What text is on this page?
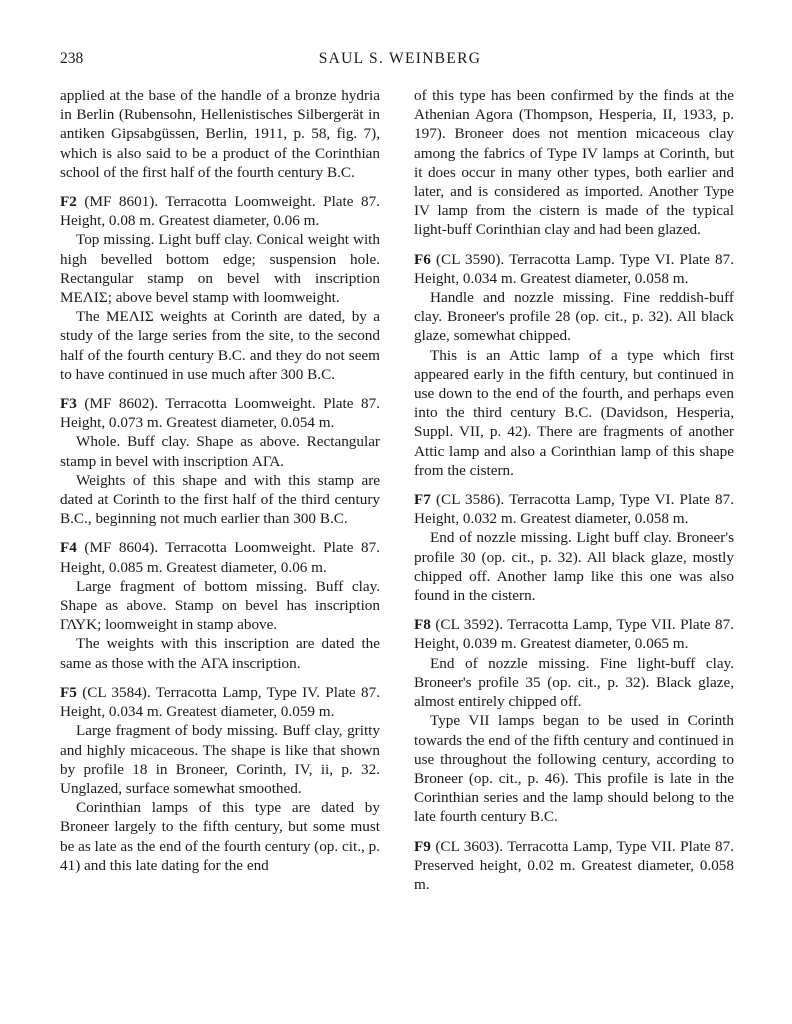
238	SAUL S. WEINBERG

applied at the base of the handle of a bronze hydria in Berlin (Rubensohn, Hellenistisches Silbergerät in antiken Gipsabgüssen, Berlin, 1911, p. 58, fig. 7), which is also said to be a product of the Corinthian school of the first half of the fourth century B.C.

F2 (MF 8601). Terracotta Loomweight. Plate 87. Height, 0.08 m. Greatest diameter, 0.06 m.

Top missing. Light buff clay. Conical weight with high bevelled bottom edge; suspension hole. Rectangular stamp on bevel with inscription ΜΕΛΙΣ; above bevel stamp with loomweight.

The ΜΕΛΙΣ weights at Corinth are dated, by a study of the large series from the site, to the second half of the fourth century B.C. and they do not seem to have continued in use much after 300 B.C.

F3 (MF 8602). Terracotta Loomweight. Plate 87. Height, 0.073 m. Greatest diameter, 0.054 m.

Whole. Buff clay. Shape as above. Rectangular stamp in bevel with inscription ΑΓΑ.

Weights of this shape and with this stamp are dated at Corinth to the first half of the third century B.C., beginning not much earlier than 300 B.C.

F4 (MF 8604). Terracotta Loomweight. Plate 87. Height, 0.085 m. Greatest diameter, 0.06 m.

Large fragment of bottom missing. Buff clay. Shape as above. Stamp on bevel has inscription ΓΛΥΚ; loomweight in stamp above.

The weights with this inscription are dated the same as those with the ΑΓΑ inscription.

F5 (CL 3584). Terracotta Lamp, Type IV. Plate 87. Height, 0.034 m. Greatest diameter, 0.059 m.

Large fragment of body missing. Buff clay, gritty and highly micaceous. The shape is like that shown by profile 18 in Broneer, Corinth, IV, ii, p. 32. Unglazed, surface somewhat smoothed.

Corinthian lamps of this type are dated by Broneer largely to the fifth century, but some must be as late as the end of the fourth century (op. cit., p. 41) and this late dating for the end

of this type has been confirmed by the finds at the Athenian Agora (Thompson, Hesperia, II, 1933, p. 197). Broneer does not mention micaceous clay among the fabrics of Type IV lamps at Corinth, but it does occur in many other types, both earlier and later, and is considered as imported. Another Type IV lamp from the cistern is made of the typical light-buff Corinthian clay and had been glazed.

F6 (CL 3590). Terracotta Lamp. Type VI. Plate 87. Height, 0.034 m. Greatest diameter, 0.058 m.

Handle and nozzle missing. Fine reddish-buff clay. Broneer's profile 28 (op. cit., p. 32). All black glaze, somewhat chipped.

This is an Attic lamp of a type which first appeared early in the fifth century, but continued in use down to the end of the fourth, and perhaps even into the third century B.C. (Davidson, Hesperia, Suppl. VII, p. 42). There are fragments of another Attic lamp and also a Corinthian lamp of this shape from the cistern.

F7 (CL 3586). Terracotta Lamp, Type VI. Plate 87. Height, 0.032 m. Greatest diameter, 0.058 m.

End of nozzle missing. Light buff clay. Broneer's profile 30 (op. cit., p. 32). All black glaze, mostly chipped off. Another lamp like this one was also found in the cistern.

F8 (CL 3592). Terracotta Lamp, Type VII. Plate 87. Height, 0.039 m. Greatest diameter, 0.065 m.

End of nozzle missing. Fine light-buff clay. Broneer's profile 35 (op. cit., p. 32). Black glaze, almost entirely chipped off.

Type VII lamps began to be used in Corinth towards the end of the fifth century and continued in use throughout the following century, according to Broneer (op. cit., p. 46). This profile is late in the Corinthian series and the lamp should belong to the late fourth century B.C.

F9 (CL 3603). Terracotta Lamp, Type VII. Plate 87. Preserved height, 0.02 m. Greatest diameter, 0.058 m.
